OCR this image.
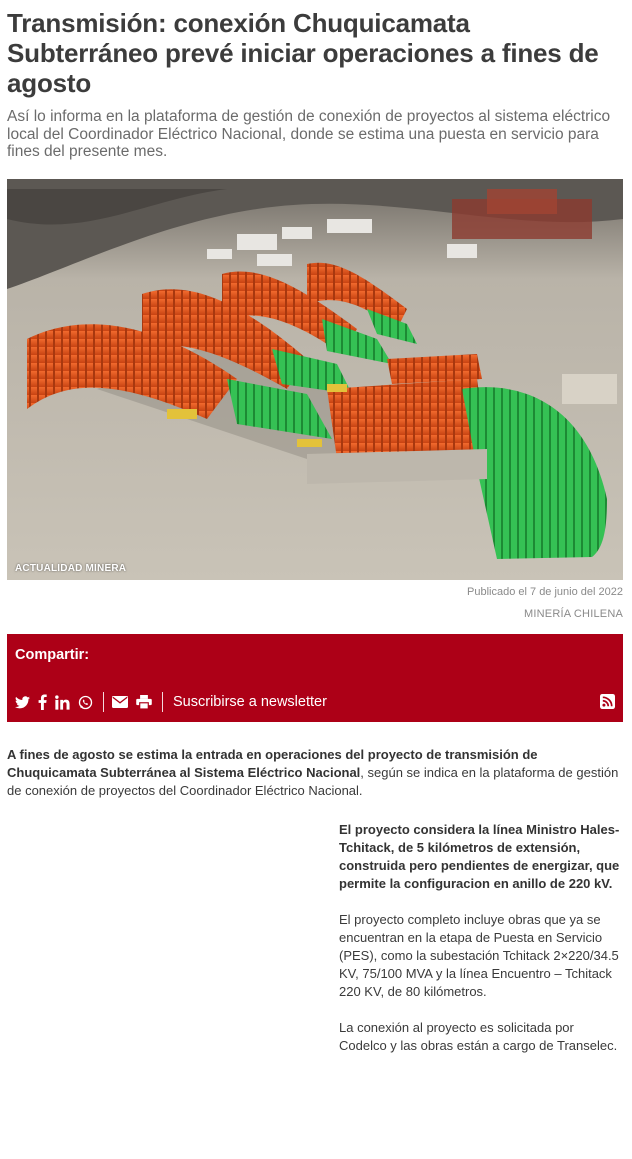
Transmisión: conexión Chuquicamata Subterráneo prevé iniciar operaciones a fines de agosto

Así lo informa en la plataforma de gestión de conexión de proyectos al sistema eléctrico local del Coordinador Eléctrico Nacional, donde se estima una puesta en servicio para fines del presente mes.

ACTUALIDAD MINERA
Publicado el 7 de junio del 2022
MINERÍA CHILENA
Compartir:
Suscribirse a newsletter

A fines de agosto se estima la entrada en operaciones del proyecto de transmisión de Chuquicamata Subterránea al Sistema Eléctrico Nacional, según se indica en la plataforma de gestión de conexión de proyectos del Coordinador Eléctrico Nacional.

El proyecto considera la línea Ministro Hales-Tchitack, de 5 kilómetros de extensión, construida pero pendientes de energizar, que permite la configuracion en anillo de 220 kV.

El proyecto completo incluye obras que ya se encuentran en la etapa de Puesta en Servicio (PES), como la subestación Tchitack 2×220/34.5 KV, 75/100 MVA y la línea Encuentro – Tchitack 220 KV, de 80 kilómetros.

La conexión al proyecto es solicitada por Codelco y las obras están a cargo de Transelec.
